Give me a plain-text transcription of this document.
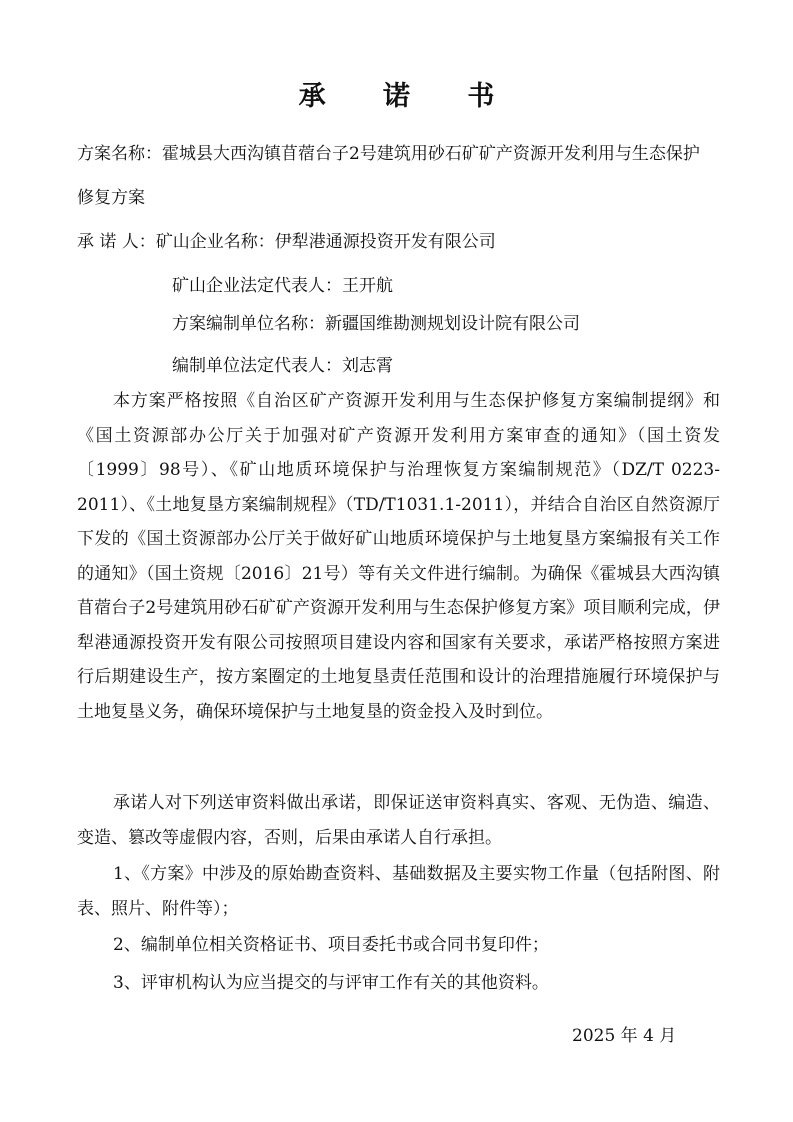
承 诺 书
方案名称：霍城县大西沟镇苜蓿台子2号建筑用砂石矿矿产资源开发利用与生态保护
修复方案
承 诺 人：矿山企业名称：伊犁港通源投资开发有限公司
矿山企业法定代表人：王开航
方案编制单位名称：新疆国维勘测规划设计院有限公司
编制单位法定代表人：刘志霄
本方案严格按照《自治区矿产资源开发利用与生态保护修复方案编制提纲》和《国土资源部办公厅关于加强对矿产资源开发利用方案审查的通知》（国土资发〔1999〕98号）、《矿山地质环境保护与治理恢复方案编制规范》（DZ/T 0223-2011）、《土地复垦方案编制规程》（TD/T1031.1-2011），并结合自治区自然资源厅下发的《国土资源部办公厅关于做好矿山地质环境保护与土地复垦方案编报有关工作的通知》（国土资规〔2016〕21号）等有关文件进行编制。为确保《霍城县大西沟镇苜蓿台子2号建筑用砂石矿矿产资源开发利用与生态保护修复方案》项目顺利完成，伊犁港通源投资开发有限公司按照项目建设内容和国家有关要求，承诺严格按照方案进行后期建设生产，按方案圈定的土地复垦责任范围和设计的治理措施履行环境保护与土地复垦义务，确保环境保护与土地复垦的资金投入及时到位。
承诺人对下列送审资料做出承诺，即保证送审资料真实、客观、无伪造、编造、变造、篡改等虚假内容，否则，后果由承诺人自行承担。
1、《方案》中涉及的原始勘查资料、基础数据及主要实物工作量（包括附图、附表、照片、附件等）；
2、编制单位相关资格证书、项目委托书或合同书复印件；
3、评审机构认为应当提交的与评审工作有关的其他资料。
2025 年 4 月
